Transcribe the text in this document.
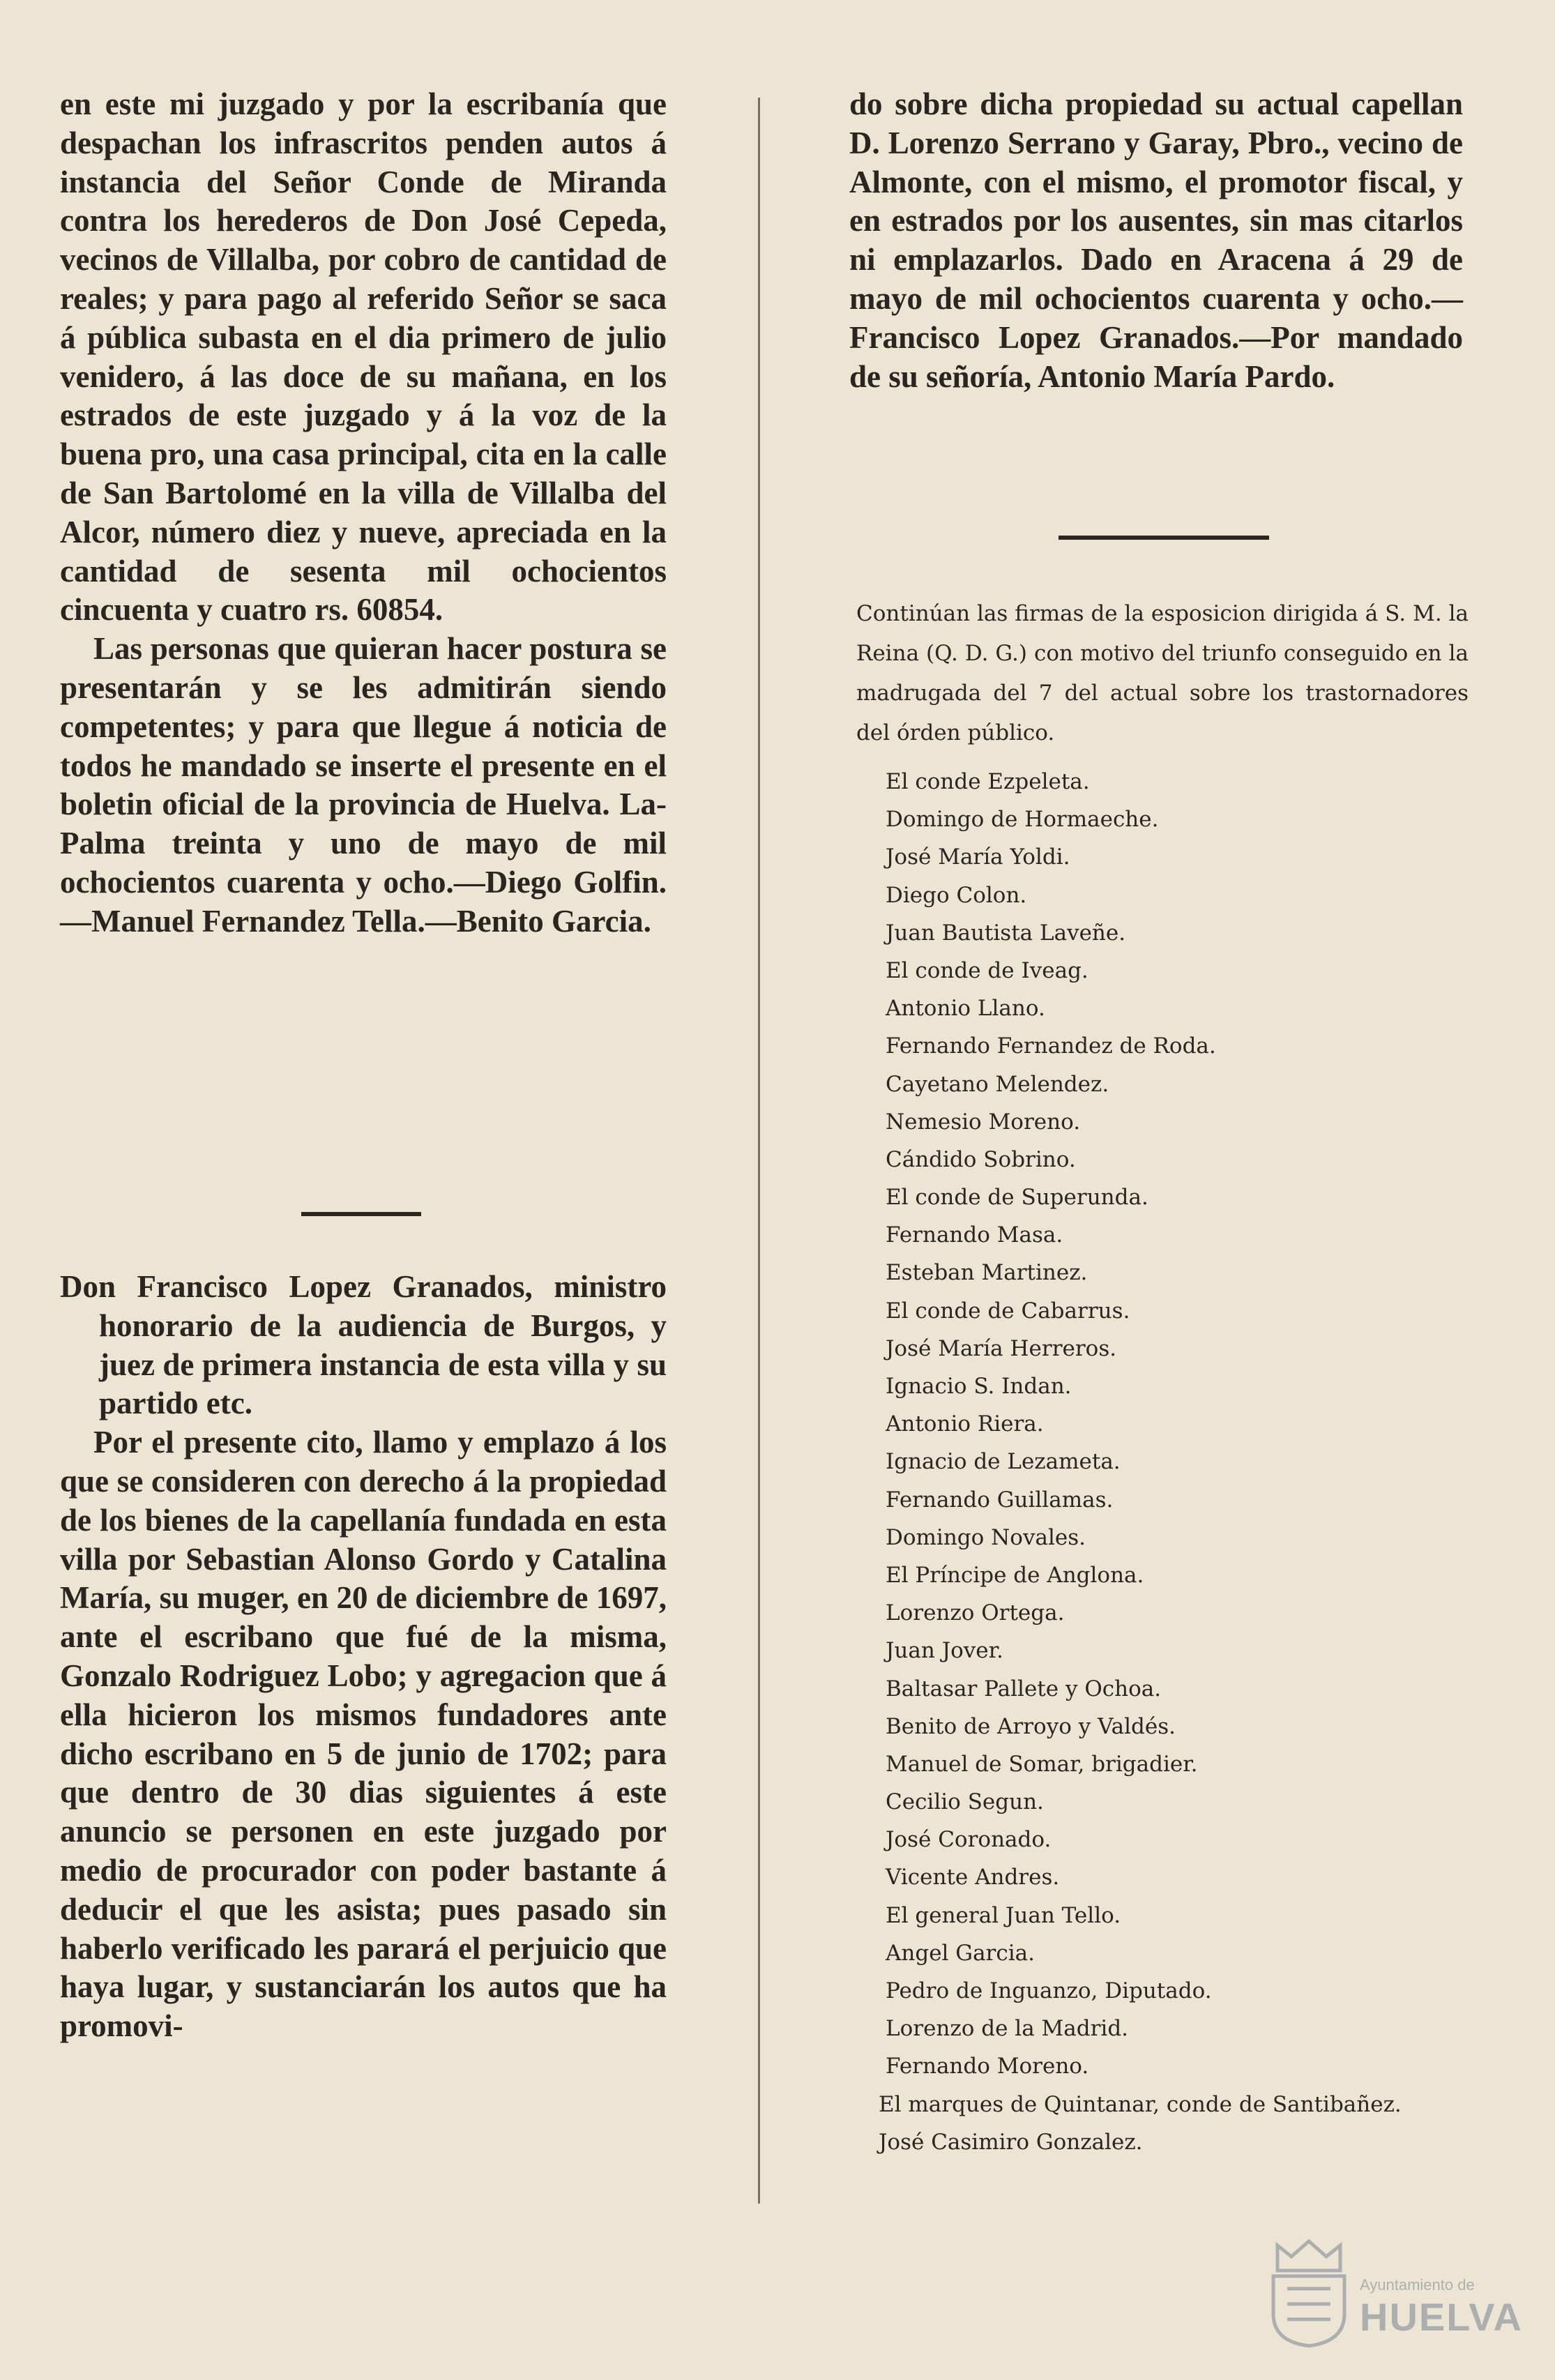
en este mi juzgado y por la escribanía que despachan los infrascritos penden autos á instancia del Señor Conde de Miranda contra los herederos de Don José Cepeda, vecinos de Villalba, por cobro de cantidad de reales; y para pago al referido Señor se saca á pública subasta en el dia primero de julio venidero, á las doce de su mañana, en los estrados de este juzgado y á la voz de la buena pro, una casa principal, cita en la calle de San Bartolomé en la villa de Villalba del Alcor, número diez y nueve, apreciada en la cantidad de sesenta mil ochocientos cincuenta y cuatro rs. 60854.

Las personas que quieran hacer postura se presentarán y se les admitirán siendo competentes; y para que llegue á noticia de todos he mandado se inserte el presente en el boletin oficial de la provincia de Huelva. La-Palma treinta y uno de mayo de mil ochocientos cuarenta y ocho.—Diego Golfin.—Manuel Fernandez Tella.—Benito Garcia.

Don Francisco Lopez Granados, ministro honorario de la audiencia de Burgos, y juez de primera instancia de esta villa y su partido etc.

Por el presente cito, llamo y emplazo á los que se consideren con derecho á la propiedad de los bienes de la capellanía fundada en esta villa por Sebastian Alonso Gordo y Catalina María, su muger, en 20 de diciembre de 1697, ante el escribano que fué de la misma, Gonzalo Rodriguez Lobo; y agregacion que á ella hicieron los mismos fundadores ante dicho escribano en 5 de junio de 1702; para que dentro de 30 dias siguientes á este anuncio se personen en este juzgado por medio de procurador con poder bastante á deducir el que les asista; pues pasado sin haberlo verificado les parará el perjuicio que haya lugar, y sustanciarán los autos que ha promovi-

do sobre dicha propiedad su actual capellan D. Lorenzo Serrano y Garay, Pbro., vecino de Almonte, con el mismo, el promotor fiscal, y en estrados por los ausentes, sin mas citarlos ni emplazarlos. Dado en Aracena á 29 de mayo de mil ochocientos cuarenta y ocho.—Francisco Lopez Granados.—Por mandado de su señoría, Antonio María Pardo.

Continúan las firmas de la esposicion dirigida á S. M. la Reina (Q. D. G.) con motivo del triunfo conseguido en la madrugada del 7 del actual sobre los trastornadores del órden público.

El conde Ezpeleta.
Domingo de Hormaeche.
José María Yoldi.
Diego Colon.
Juan Bautista Laveñe.
El conde de Iveag.
Antonio Llano.
Fernando Fernandez de Roda.
Cayetano Melendez.
Nemesio Moreno.
Cándido Sobrino.
El conde de Superunda.
Fernando Masa.
Esteban Martinez.
El conde de Cabarrus.
José María Herreros.
Ignacio S. Indan.
Antonio Riera.
Ignacio de Lezameta.
Fernando Guillamas.
Domingo Novales.
El Príncipe de Anglona.
Lorenzo Ortega.
Juan Jover.
Baltasar Pallete y Ochoa.
Benito de Arroyo y Valdés.
Manuel de Somar, brigadier.
Cecilio Segun.
José Coronado.
Vicente Andres.
El general Juan Tello.
Angel Garcia.
Pedro de Inguanzo, Diputado.
Lorenzo de la Madrid.
Fernando Moreno.
El marques de Quintanar, conde de Santibañez.
José Casimiro Gonzalez.
Ayuntamiento de
HUELVA
